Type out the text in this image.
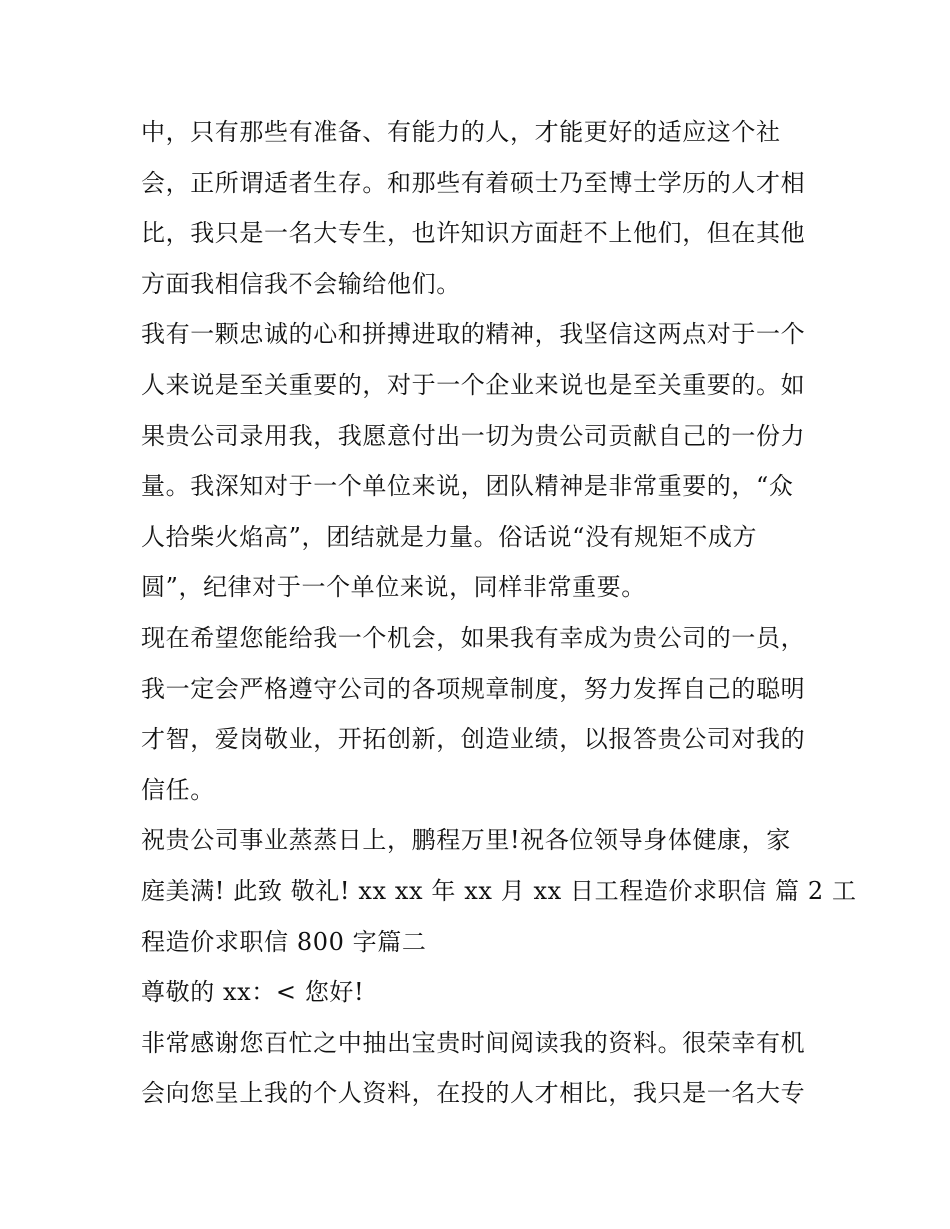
中，只有那些有准备、有能力的人，才能更好的适应这个社
会，正所谓适者生存。和那些有着硕士乃至博士学历的人才相
比，我只是一名大专生，也许知识方面赶不上他们，但在其他
方面我相信我不会输给他们。
我有一颗忠诚的心和拼搏进取的精神，我坚信这两点对于一个
人来说是至关重要的，对于一个企业来说也是至关重要的。如
果贵公司录用我，我愿意付出一切为贵公司贡献自己的一份力
量。我深知对于一个单位来说，团队精神是非常重要的，“众
人拾柴火焰高”，团结就是力量。俗话说“没有规矩不成方
圆”，纪律对于一个单位来说，同样非常重要。
现在希望您能给我一个机会，如果我有幸成为贵公司的一员，
我一定会严格遵守公司的各项规章制度，努力发挥自己的聪明
才智，爱岗敬业，开拓创新，创造业绩，以报答贵公司对我的
信任。
祝贵公司事业蒸蒸日上，鹏程万里!祝各位领导身体健康，家
庭美满! 此致 敬礼! xx xx 年 xx 月 xx 日工程造价求职信 篇 2 工
程造价求职信 800 字篇二
尊敬的 xx：< 您好!
非常感谢您百忙之中抽出宝贵时间阅读我的资料。很荣幸有机
会向您呈上我的个人资料，在投的人才相比，我只是一名大专
